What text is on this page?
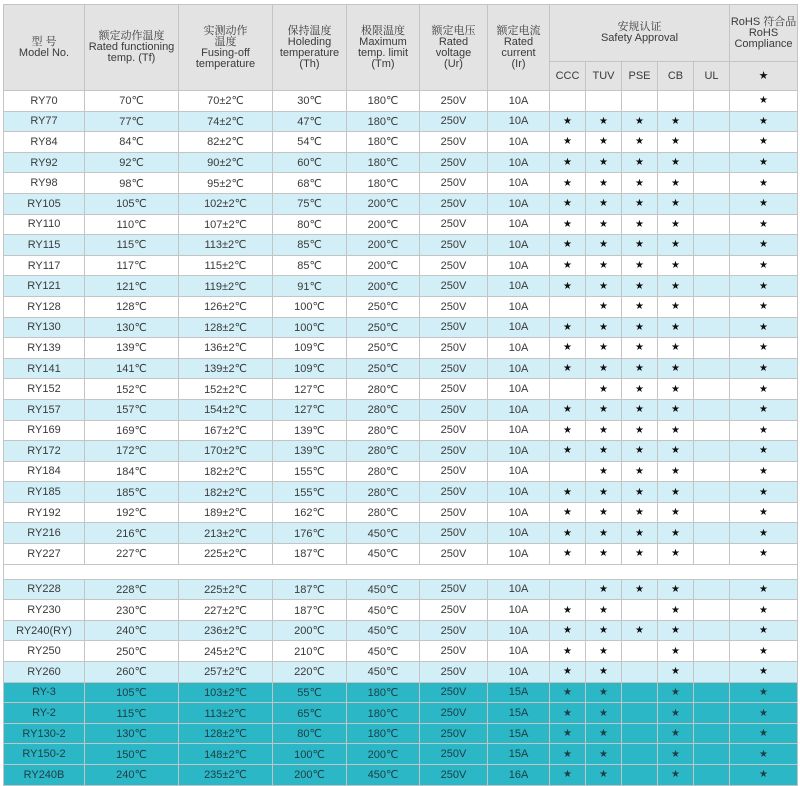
型 号
Model No.	额定动作温度
Rated functioning
temp. (Tf)	实测动作
温度
Fusing-off
temperature	保持温度
Holeding
temperature
(Th)	极限温度
Maximum
temp. limit
(Tm)	额定电压
Rated
voltage
(Ur)	额定电流
Rated
current
(Ir)	安规认证
Safety Approval					RoHS 符合品
RoHS
Compliance

							CCC	TUV	PSE	CB	UL	★
RY70	70℃	70±2℃	30℃	180℃	250V	10A						★
RY77	77℃	74±2℃	47℃	180℃	250V	10A	★	★	★	★		★
RY84	84℃	82±2℃	54℃	180℃	250V	10A	★	★	★	★		★
RY92	92℃	90±2℃	60℃	180℃	250V	10A	★	★	★	★		★
RY98	98℃	95±2℃	68℃	180℃	250V	10A	★	★	★	★		★
RY105	105℃	102±2℃	75℃	200℃	250V	10A	★	★	★	★		★
RY110	110℃	107±2℃	80℃	200℃	250V	10A	★	★	★	★		★
RY115	115℃	113±2℃	85℃	200℃	250V	10A	★	★	★	★		★
RY117	117℃	115±2℃	85℃	200℃	250V	10A	★	★	★	★		★
RY121	121℃	119±2℃	91℃	200℃	250V	10A	★	★	★	★		★
RY128	128℃	126±2℃	100℃	250℃	250V	10A		★	★	★		★
RY130	130℃	128±2℃	100℃	250℃	250V	10A	★	★	★	★		★
RY139	139℃	136±2℃	109℃	250℃	250V	10A	★	★	★	★		★
RY141	141℃	139±2℃	109℃	250℃	250V	10A	★	★	★	★		★
RY152	152℃	152±2℃	127℃	280℃	250V	10A		★	★	★		★
RY157	157℃	154±2℃	127℃	280℃	250V	10A	★	★	★	★		★
RY169	169℃	167±2℃	139℃	280℃	250V	10A	★	★	★	★		★
RY172	172℃	170±2℃	139℃	280℃	250V	10A	★	★	★	★		★
RY184	184℃	182±2℃	155℃	280℃	250V	10A		★	★	★		★
RY185	185℃	182±2℃	155℃	280℃	250V	10A	★	★	★	★		★
RY192	192℃	189±2℃	162℃	280℃	250V	10A	★	★	★	★		★
RY216	216℃	213±2℃	176℃	450℃	250V	10A	★	★	★	★		★
RY227	227℃	225±2℃	187℃	450℃	250V	10A	★	★	★	★		★

RY228	228℃	225±2℃	187℃	450℃	250V	10A		★	★	★		★
RY230	230℃	227±2℃	187℃	450℃	250V	10A	★	★		★		★
RY240(RY)	240℃	236±2℃	200℃	450℃	250V	10A	★	★	★	★		★
RY250	250℃	245±2℃	210℃	450℃	250V	10A	★	★		★		★
RY260	260℃	257±2℃	220℃	450℃	250V	10A	★	★		★		★
RY-3	105℃	103±2℃	55℃	180℃	250V	15A	★	★		★		★
RY-2	115℃	113±2℃	65℃	180℃	250V	15A	★	★		★		★
RY130-2	130℃	128±2℃	80℃	180℃	250V	15A	★	★		★		★
RY150-2	150℃	148±2℃	100℃	200℃	250V	15A	★	★		★		★
RY240B	240℃	235±2℃	200℃	450℃	250V	16A	★	★		★		★
